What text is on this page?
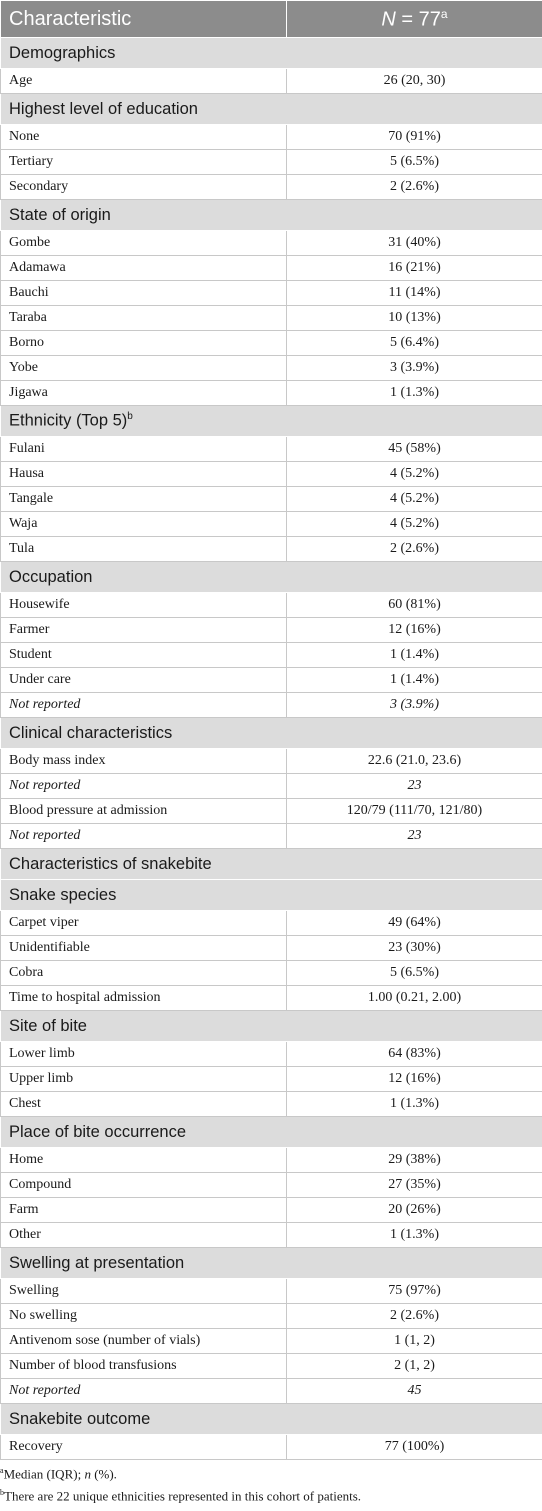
Characteristic	$N = 77^a$
Demographics	
Age	26 (20, 30)
Highest level of education	
None	70 (91%)
Tertiary	5 (6.5%)
Secondary	2 (2.6%)
State of origin	
Gombe	31 (40%)
Adamawa	16 (21%)
Bauchi	11 (14%)
Taraba	10 (13%)
Borno	5 (6.4%)
Yobe	3 (3.9%)
Jigawa	1 (1.3%)
Ethnicity (Top 5)$^b$
Fulani	45 (58%)
Hausa	4 (5.2%)
Tangale	4 (5.2%)
Waja	4 (5.2%)
Tula	2 (2.6%)
Occupation	
Housewife	60 (81%)
Farmer	12 (16%)
Student	1 (1.4%)
Under care	1 (1.4%)
Not reported	3 (3.9%)
Clinical characteristics	
Body mass index	22.6 (21.0, 23.6)
Not reported	23
Blood pressure at admission	120/79 (111/70, 121/80)
Not reported	23
Characteristics of snakebite	
Snake species	
Carpet viper	49 (64%)
Unidentifiable	23 (30%)
Cobra	5 (6.5%)
Time to hospital admission	1.00 (0.21, 2.00)
Site of bite	
Lower limb	64 (83%)
Upper limb	12 (16%)
Chest	1 (1.3%)
Place of bite occurrence	
Home	29 (38%)
Compound	27 (35%)
Farm	20 (26%)
Other	1 (1.3%)
Swelling at presentation	
Swelling	75 (97%)
No swelling	2 (2.6%)
Antivenom sose (number of vials)	1 (1, 2)
Number of blood transfusions	2 (1, 2)
Not reported	45
Snakebite outcome	
Recovery	77 (100%)
$^a$Median (IQR); n (%).
$^b$There are 22 unique ethnicities represented in this cohort of patients.
